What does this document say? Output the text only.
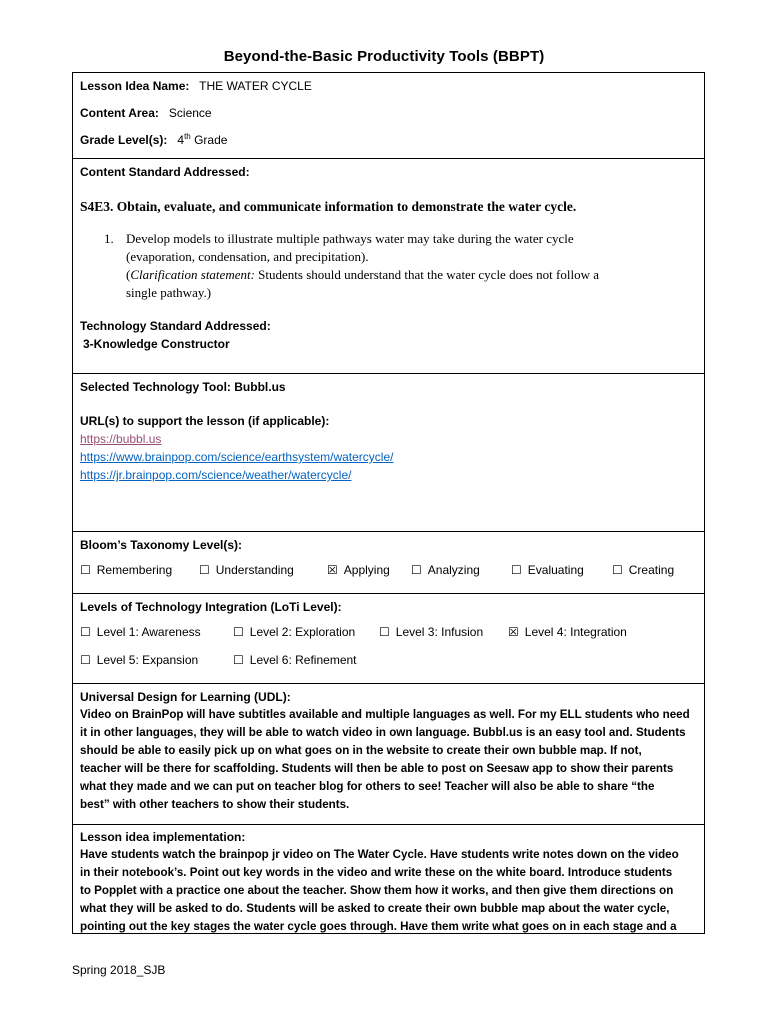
Beyond-the-Basic Productivity Tools (BBPT)
Lesson Idea Name: THE WATER CYCLE
Content Area: Science
Grade Level(s): 4th Grade
Content Standard Addressed:
S4E3. Obtain, evaluate, and communicate information to demonstrate the water cycle.
1. Develop models to illustrate multiple pathways water may take during the water cycle
(evaporation, condensation, and precipitation).
(Clarification statement: Students should understand that the water cycle does not follow a
single pathway.)
Technology Standard Addressed:
3-Knowledge Constructor
Selected Technology Tool: Bubbl.us
URL(s) to support the lesson (if applicable):
https://bubbl.us
https://www.brainpop.com/science/earthsystem/watercycle/
https://jr.brainpop.com/science/weather/watercycle/
Bloom’s Taxonomy Level(s):
☐ Remembering ☐ Understanding	☒ Applying ☐ Analyzing	☐ Evaluating ☐ Creating
Levels of Technology Integration (LoTi Level):
☐ Level 1: Awareness	☐ Level 2: Exploration ☐ Level 3: Infusion ☒ Level 4: Integration
☐ Level 5: Expansion	☐ Level 6: Refinement
Universal Design for Learning (UDL):

Video on BrainPop will have subtitles available and multiple languages as well. For my ELL students who need

it in other languages, they will be able to watch video in own language. Bubbl.us is an easy tool and. Students

should be able to easily pick up on what goes on in the website to create their own bubble map. If not,

teacher will be there for scaffolding. Students will then be able to post on Seesaw app to show their parents

what they made and we can put on teacher blog for others to see! Teacher will also be able to share “the

best” with other teachers to show their students.

Lesson idea implementation:

Have students watch the brainpop jr video on The Water Cycle. Have students write notes down on the video

in their notebook’s. Point out key words in the video and write these on the white board. Introduce students

to Popplet with a practice one about the teacher. Show them how it works, and then give them directions on

what they will be asked to do. Students will be asked to create their own bubble map about the water cycle,

pointing out the key stages the water cycle goes through. Have them write what goes on in each stage and a

Spring 2018_SJB
